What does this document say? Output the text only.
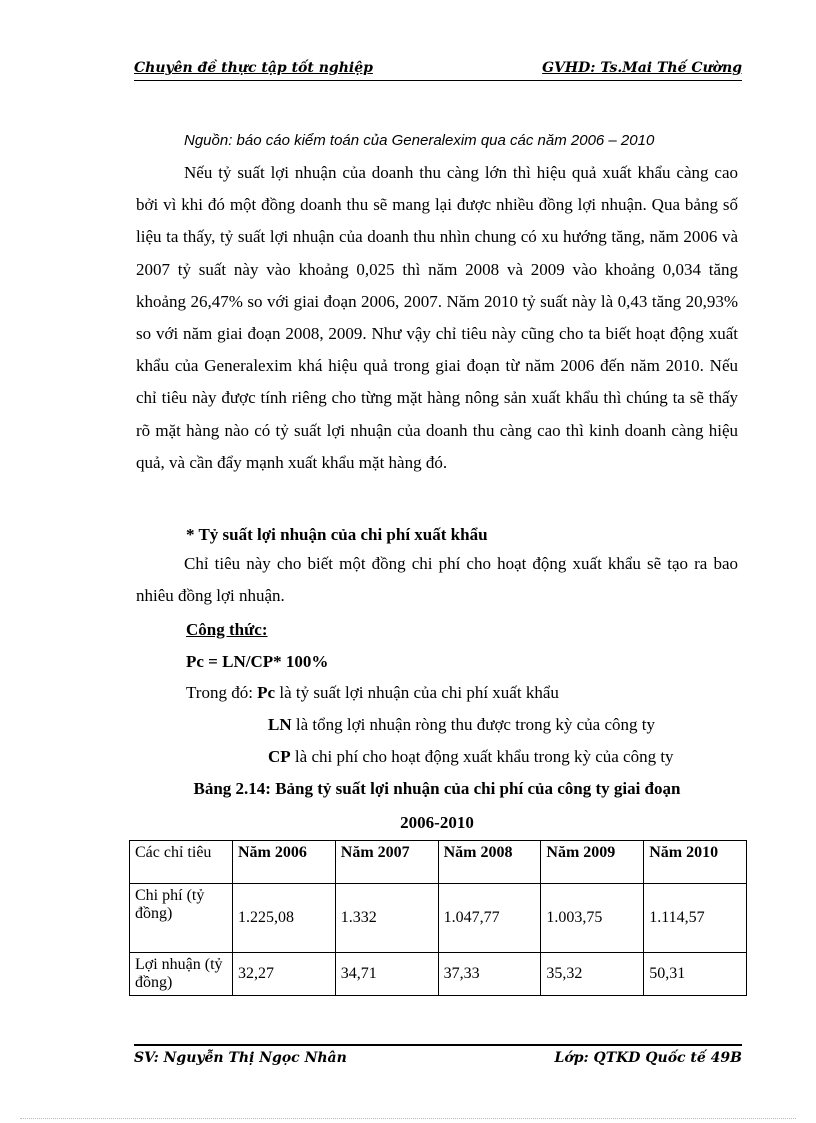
Chuyên đề thực tập tốt nghiệp	GVHD: Ts.Mai Thế Cường

Nguồn: báo cáo kiểm toán của Generalexim qua các năm 2006 – 2010

Nếu tỷ suất lợi nhuận của doanh thu càng lớn thì hiệu quả xuất khẩu càng cao bởi vì khi đó một đồng doanh thu sẽ mang lại được nhiều đồng lợi nhuận. Qua bảng số liệu ta thấy, tỷ suất lợi nhuận của doanh thu nhìn chung có xu hướng tăng, năm 2006 và 2007 tỷ suất này vào khoảng 0,025 thì năm 2008 và 2009 vào khoảng 0,034 tăng khoảng 26,47% so với giai đoạn 2006, 2007. Năm 2010 tỷ suất này là 0,43 tăng 20,93% so với năm giai đoạn 2008, 2009. Như vậy chỉ tiêu này cũng cho ta biết hoạt động xuất khẩu của Generalexim khá hiệu quả trong giai đoạn từ năm 2006 đến năm 2010. Nếu chỉ tiêu này được tính riêng cho từng mặt hàng nông sản xuất khẩu thì chúng ta sẽ thấy rõ mặt hàng nào có tỷ suất lợi nhuận của doanh thu càng cao thì kinh doanh càng hiệu quả, và cần đẩy mạnh xuất khẩu mặt hàng đó.

* Tỷ suất lợi nhuận của chi phí xuất khẩu

Chỉ tiêu này cho biết một đồng chi phí cho hoạt động xuất khẩu sẽ tạo ra bao nhiêu đồng lợi nhuận.

Công thức:

Pc = LN/CP* 100%

Trong đó: Pc là tỷ suất lợi nhuận của chi phí xuất khẩu

LN là tổng lợi nhuận ròng thu được trong kỳ của công ty

CP là chi phí cho hoạt động xuất khẩu trong kỳ của công ty

Bảng 2.14: Bảng tỷ suất lợi nhuận của chi phí của công ty giai đoạn
2006-2010
Các chỉ tiêu	Năm 2006	Năm 2007	Năm 2008	Năm 2009	Năm 2010
Chi phí (tỷ đồng)	1.225,08	1.332	1.047,77	1.003,75	1.114,57
Lợi nhuận (tỷ đồng)	32,27	34,71	37,33	35,32	50,31
SV: Nguyễn Thị Ngọc Nhân	Lớp: QTKD Quốc tế 49B
